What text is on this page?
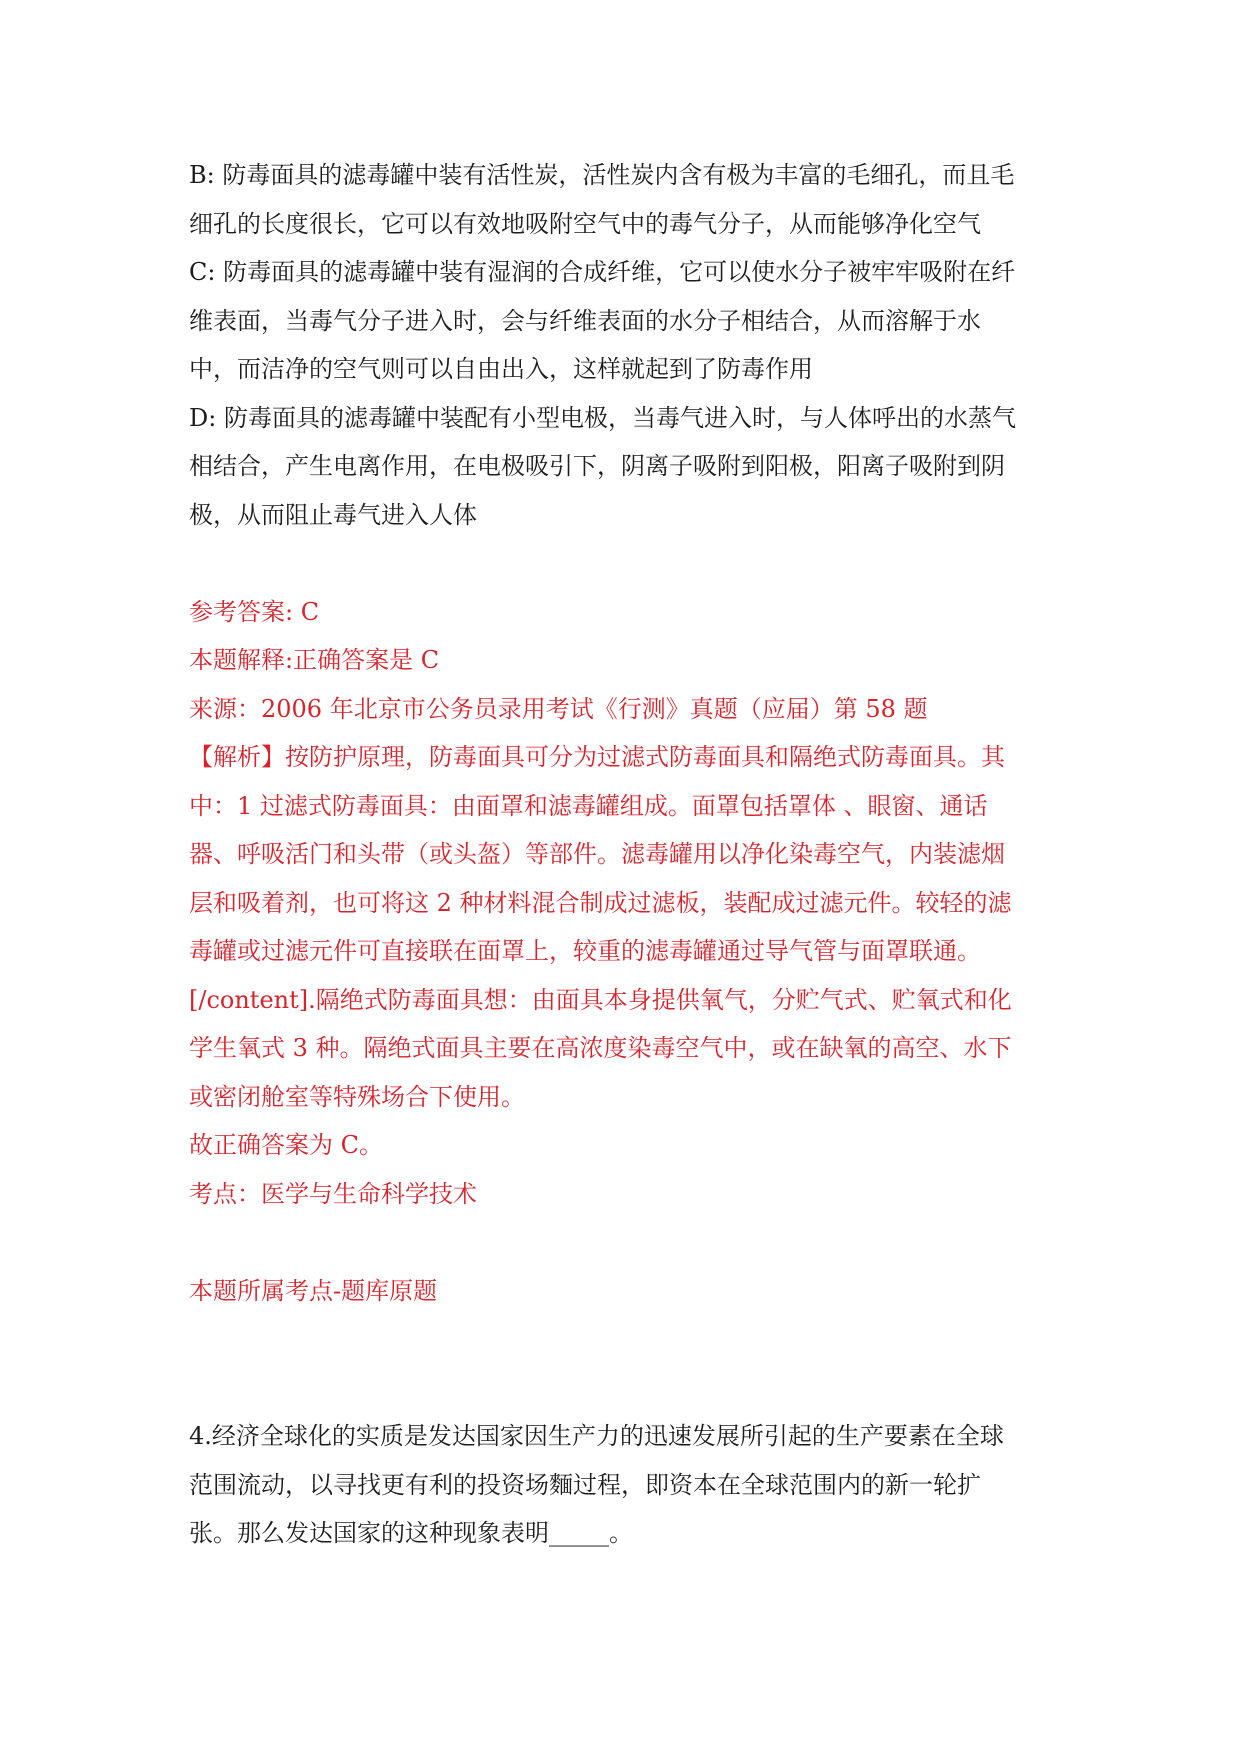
B: 防毒面具的滤毒罐中装有活性炭，活性炭内含有极为丰富的毛细孔，而且毛
细孔的长度很长，它可以有效地吸附空气中的毒气分子，从而能够净化空气
C: 防毒面具的滤毒罐中装有湿润的合成纤维，它可以使水分子被牢牢吸附在纤
维表面，当毒气分子进入时，会与纤维表面的水分子相结合，从而溶解于水
中，而洁净的空气则可以自由出入，这样就起到了防毒作用
D: 防毒面具的滤毒罐中装配有小型电极，当毒气进入时，与人体呼出的水蒸气
相结合，产生电离作用，在电极吸引下，阴离子吸附到阳极，阳离子吸附到阴
极，从而阻止毒气进入人体
参考答案: C
本题解释:正确答案是 C
来源：2006 年北京市公务员录用考试《行测》真题（应届）第 58 题
【解析】按防护原理，防毒面具可分为过滤式防毒面具和隔绝式防毒面具。其
中：1 过滤式防毒面具：由面罩和滤毒罐组成。面罩包括罩体 、眼窗、通话
器、呼吸活门和头带（或头盔）等部件。滤毒罐用以净化染毒空气，内装滤烟
层和吸着剂，也可将这 2 种材料混合制成过滤板，装配成过滤元件。较轻的滤
毒罐或过滤元件可直接联在面罩上，较重的滤毒罐通过导气管与面罩联通。
[/content].隔绝式防毒面具想：由面具本身提供氧气，分贮气式、贮氧式和化
学生氧式 3 种。隔绝式面具主要在高浓度染毒空气中，或在缺氧的高空、水下
或密闭舱室等特殊场合下使用。
故正确答案为 C。
考点：医学与生命科学技术
本题所属考点-题库原题
4.经济全球化的实质是发达国家因生产力的迅速发展所引起的生产要素在全球
范围流动，以寻找更有利的投资场麵过程，即资本在全球范围内的新一轮扩
张。那么发达国家的这种现象表明_____。
